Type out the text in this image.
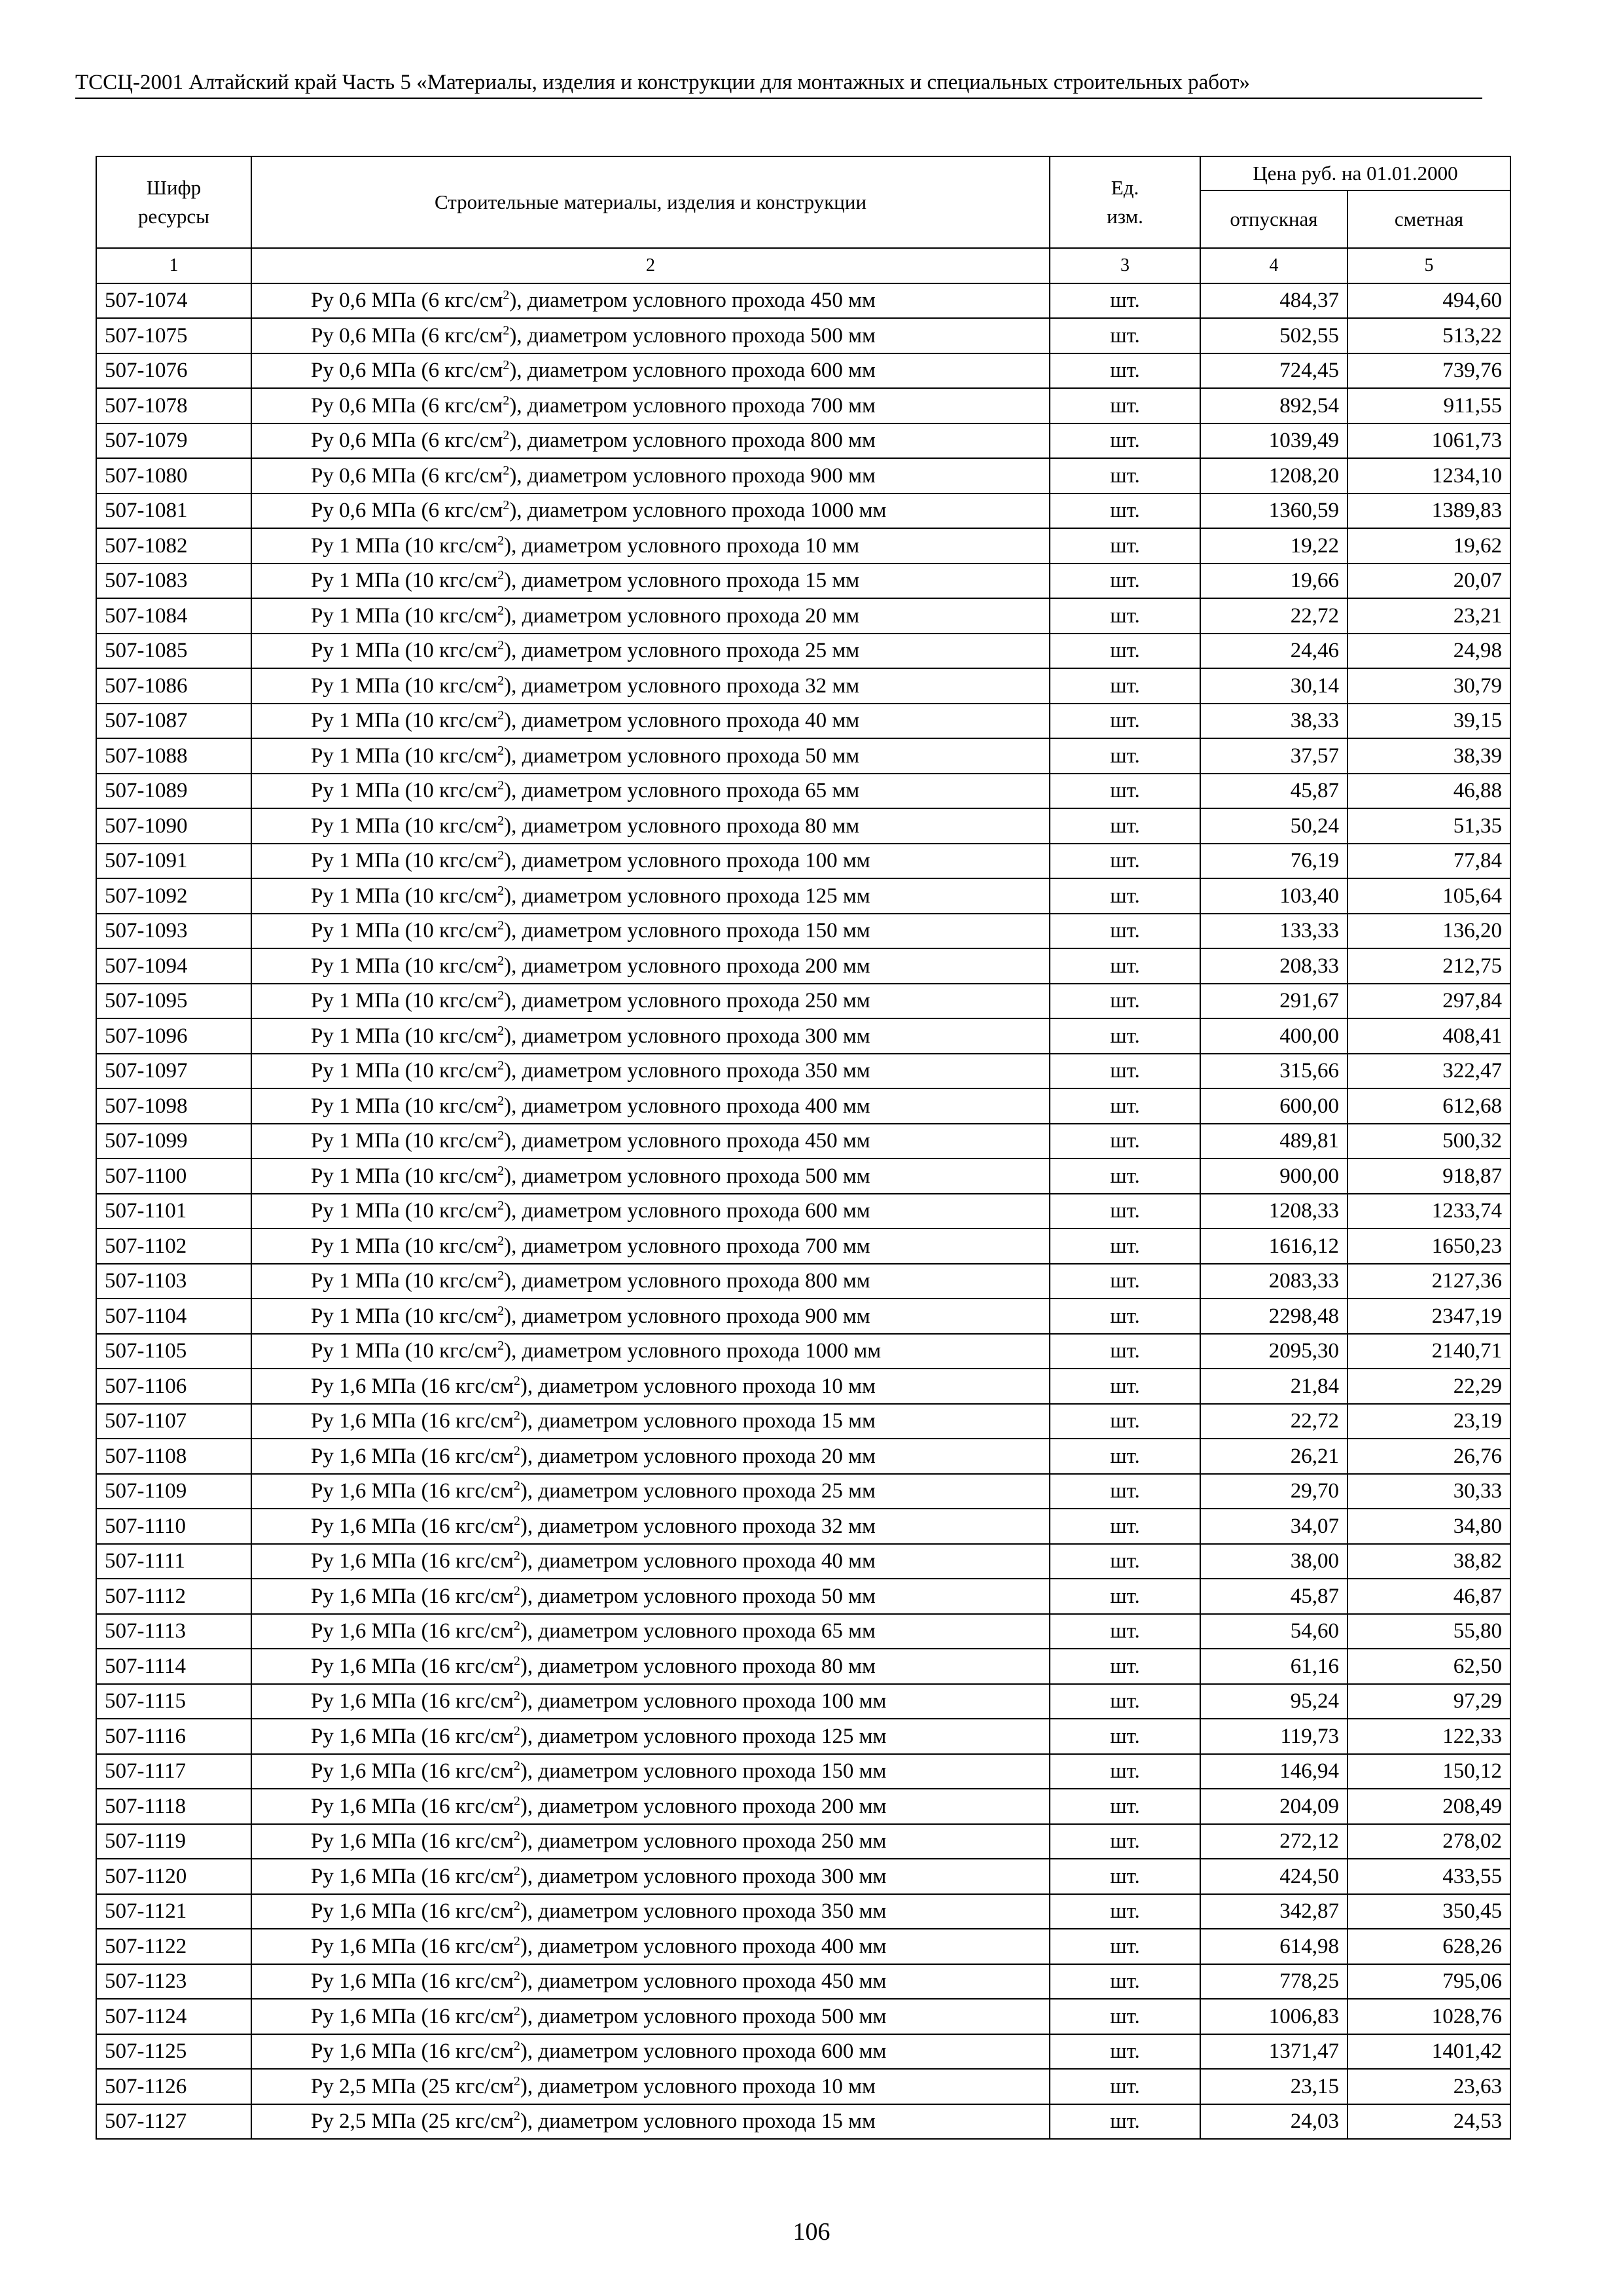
ТССЦ-2001 Алтайский край Часть 5 «Материалы, изделия и конструкции для монтажных и специальных строительных работ»
Шифр ресурсы	Строительные материалы, изделия и конструкции	Ед. изм.	Цена руб. на 01.01.2000	
			отпускная	сметная
1	2	3	4	5
507-1074	Ру 0,6 МПа (6 кгс/$см^2$), диаметром условного прохода 450 мм	шт.	484,37	494,60
507-1075	Ру 0,6 МПа (6 кгс/$см^2$), диаметром условного прохода 500 мм	шт.	502,55	513,22
507-1076	Ру 0,6 МПа (6 кгс/$см^2$), диаметром условного прохода 600 мм	шт.	724,45	739,76
507-1078	Ру 0,6 МПа (6 кгс/$см^2$), диаметром условного прохода 700 мм	шт.	892,54	911,55
507-1079	Ру 0,6 МПа (6 кгс/$см^2$), диаметром условного прохода 800 мм	шт.	1039,49	1061,73
507-1080	Ру 0,6 МПа (6 кгс/$см^2$), диаметром условного прохода 900 мм	шт.	1208,20	1234,10
507-1081	Ру 0,6 МПа (6 кгс/$см^2$), диаметром условного прохода 1000 мм	шт.	1360,59	1389,83
507-1082	Ру 1 МПа (10 кгс/$см^2$), диаметром условного прохода 10 мм	шт.	19,22	19,62
507-1083	Ру 1 МПа (10 кгс/$см^2$), диаметром условного прохода 15 мм	шт.	19,66	20,07
507-1084	Ру 1 МПа (10 кгс/$см^2$), диаметром условного прохода 20 мм	шт.	22,72	23,21
507-1085	Ру 1 МПа (10 кгс/$см^2$), диаметром условного прохода 25 мм	шт.	24,46	24,98
507-1086	Ру 1 МПа (10 кгс/$см^2$), диаметром условного прохода 32 мм	шт.	30,14	30,79
507-1087	Ру 1 МПа (10 кгс/$см^2$), диаметром условного прохода 40 мм	шт.	38,33	39,15
507-1088	Ру 1 МПа (10 кгс/$см^2$), диаметром условного прохода 50 мм	шт.	37,57	38,39
507-1089	Ру 1 МПа (10 кгс/$см^2$), диаметром условного прохода 65 мм	шт.	45,87	46,88
507-1090	Ру 1 МПа (10 кгс/$см^2$), диаметром условного прохода 80 мм	шт.	50,24	51,35
507-1091	Ру 1 МПа (10 кгс/$см^2$), диаметром условного прохода 100 мм	шт.	76,19	77,84
507-1092	Ру 1 МПа (10 кгс/$см^2$), диаметром условного прохода 125 мм	шт.	103,40	105,64
507-1093	Ру 1 МПа (10 кгс/$см^2$), диаметром условного прохода 150 мм	шт.	133,33	136,20
507-1094	Ру 1 МПа (10 кгс/$см^2$), диаметром условного прохода 200 мм	шт.	208,33	212,75
507-1095	Ру 1 МПа (10 кгс/$см^2$), диаметром условного прохода 250 мм	шт.	291,67	297,84
507-1096	Ру 1 МПа (10 кгс/$см^2$), диаметром условного прохода 300 мм	шт.	400,00	408,41
507-1097	Ру 1 МПа (10 кгс/$см^2$), диаметром условного прохода 350 мм	шт.	315,66	322,47
507-1098	Ру 1 МПа (10 кгс/$см^2$), диаметром условного прохода 400 мм	шт.	600,00	612,68
507-1099	Ру 1 МПа (10 кгс/$см^2$), диаметром условного прохода 450 мм	шт.	489,81	500,32
507-1100	Ру 1 МПа (10 кгс/$см^2$), диаметром условного прохода 500 мм	шт.	900,00	918,87
507-1101	Ру 1 МПа (10 кгс/$см^2$), диаметром условного прохода 600 мм	шт.	1208,33	1233,74
507-1102	Ру 1 МПа (10 кгс/$см^2$), диаметром условного прохода 700 мм	шт.	1616,12	1650,23
507-1103	Ру 1 МПа (10 кгс/$см^2$), диаметром условного прохода 800 мм	шт.	2083,33	2127,36
507-1104	Ру 1 МПа (10 кгс/$см^2$), диаметром условного прохода 900 мм	шт.	2298,48	2347,19
507-1105	Ру 1 МПа (10 кгс/$см^2$), диаметром условного прохода 1000 мм	шт.	2095,30	2140,71
507-1106	Ру 1,6 МПа (16 кгс/$см^2$), диаметром условного прохода 10 мм	шт.	21,84	22,29
507-1107	Ру 1,6 МПа (16 кгс/$см^2$), диаметром условного прохода 15 мм	шт.	22,72	23,19
507-1108	Ру 1,6 МПа (16 кгс/$см^2$), диаметром условного прохода 20 мм	шт.	26,21	26,76
507-1109	Ру 1,6 МПа (16 кгс/$см^2$), диаметром условного прохода 25 мм	шт.	29,70	30,33
507-1110	Ру 1,6 МПа (16 кгс/$см^2$), диаметром условного прохода 32 мм	шт.	34,07	34,80
507-1111	Ру 1,6 МПа (16 кгс/$см^2$), диаметром условного прохода 40 мм	шт.	38,00	38,82
507-1112	Ру 1,6 МПа (16 кгс/$см^2$), диаметром условного прохода 50 мм	шт.	45,87	46,87
507-1113	Ру 1,6 МПа (16 кгс/$см^2$), диаметром условного прохода 65 мм	шт.	54,60	55,80
507-1114	Ру 1,6 МПа (16 кгс/$см^2$), диаметром условного прохода 80 мм	шт.	61,16	62,50
507-1115	Ру 1,6 МПа (16 кгс/$см^2$), диаметром условного прохода 100 мм	шт.	95,24	97,29
507-1116	Ру 1,6 МПа (16 кгс/$см^2$), диаметром условного прохода 125 мм	шт.	119,73	122,33
507-1117	Ру 1,6 МПа (16 кгс/$см^2$), диаметром условного прохода 150 мм	шт.	146,94	150,12
507-1118	Ру 1,6 МПа (16 кгс/$см^2$), диаметром условного прохода 200 мм	шт.	204,09	208,49
507-1119	Ру 1,6 МПа (16 кгс/$см^2$), диаметром условного прохода 250 мм	шт.	272,12	278,02
507-1120	Ру 1,6 МПа (16 кгс/$см^2$), диаметром условного прохода 300 мм	шт.	424,50	433,55
507-1121	Ру 1,6 МПа (16 кгс/$см^2$), диаметром условного прохода 350 мм	шт.	342,87	350,45
507-1122	Ру 1,6 МПа (16 кгс/$см^2$), диаметром условного прохода 400 мм	шт.	614,98	628,26
507-1123	Ру 1,6 МПа (16 кгс/$см^2$), диаметром условного прохода 450 мм	шт.	778,25	795,06
507-1124	Ру 1,6 МПа (16 кгс/$см^2$), диаметром условного прохода 500 мм	шт.	1006,83	1028,76
507-1125	Ру 1,6 МПа (16 кгс/$см^2$), диаметром условного прохода 600 мм	шт.	1371,47	1401,42
507-1126	Ру 2,5 МПа (25 кгс/$см^2$), диаметром условного прохода 10 мм	шт.	23,15	23,63
507-1127	Ру 2,5 МПа (25 кгс/$см^2$), диаметром условного прохода 15 мм	шт.	24,03	24,53
106
